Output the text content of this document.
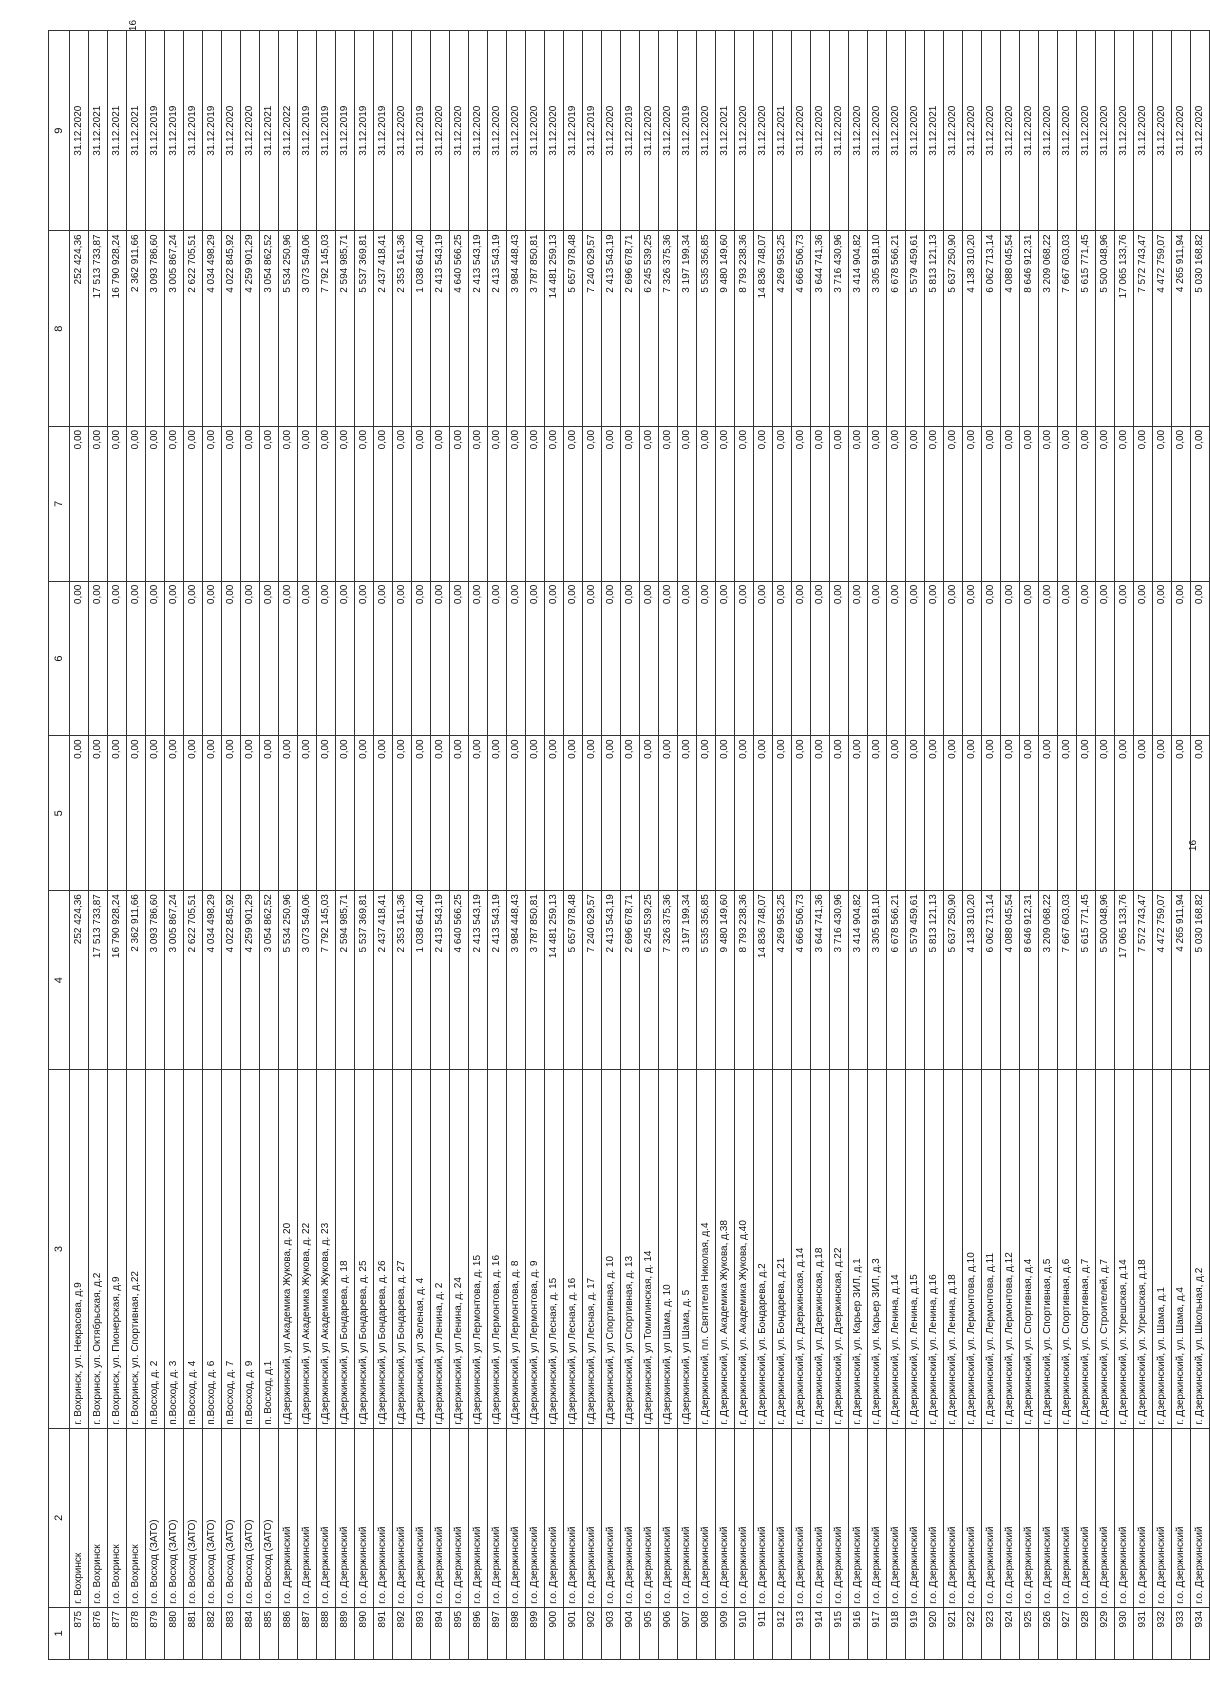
16
16
1	2	3	4	5	6	7	8	9
875	г. Вохринск	г. Вохринск, ул. Некрасова, д.9	252 424,36	0,00	0,00	0,00	252 424,36	31.12.2020
876	г.о. Вохринск	г. Вохринск, ул. Октябрьская, д.2	17 513 733,87	0,00	0,00	0,00	17 513 733,87	31.12.2021
877	г.о. Вохринск	г. Вохринск, ул. Пионерская, д.9	16 790 928,24	0,00	0,00	0,00	16 790 928,24	31.12.2021
878	г.о. Вохринск	г. Вохринск, ул. Спортивная, д.22	2 362 911,66	0,00	0,00	0,00	2 362 911,66	31.12.2021
879	г.о. Восход (ЗАТО)	п.Восход, д. 2	3 093 786,60	0,00	0,00	0,00	3 093 786,60	31.12.2019
880	г.о. Восход (ЗАТО)	п.Восход, д. 3	3 005 867,24	0,00	0,00	0,00	3 005 867,24	31.12.2019
881	г.о. Восход (ЗАТО)	п.Восход, д. 4	2 622 705,51	0,00	0,00	0,00	2 622 705,51	31.12.2019
882	г.о. Восход (ЗАТО)	п.Восход, д. 6	4 034 498,29	0,00	0,00	0,00	4 034 498,29	31.12.2019
883	г.о. Восход (ЗАТО)	п.Восход, д. 7	4 022 845,92	0,00	0,00	0,00	4 022 845,92	31.12.2020
884	г.о. Восход (ЗАТО)	п.Восход, д. 9	4 259 901,29	0,00	0,00	0,00	4 259 901,29	31.12.2020
885	г.о. Восход (ЗАТО)	п. Восход, д.1	3 054 862,52	0,00	0,00	0,00	3 054 862,52	31.12.2021
886	г.о. Дзержинский	г.Дзержинский, ул Академика Жукова, д. 20	5 534 250,96	0,00	0,00	0,00	5 534 250,96	31.12.2022
887	г.о. Дзержинский	г.Дзержинский, ул Академика Жукова, д. 22	3 073 549,06	0,00	0,00	0,00	3 073 549,06	31.12.2019
888	г.о. Дзержинский	г.Дзержинский, ул Академика Жукова, д. 23	7 792 145,03	0,00	0,00	0,00	7 792 145,03	31.12.2019
889	г.о. Дзержинский	г.Дзержинский, ул Бондарева, д. 18	2 594 985,71	0,00	0,00	0,00	2 594 985,71	31.12.2019
890	г.о. Дзержинский	г.Дзержинский, ул Бондарева, д. 25	5 537 369,81	0,00	0,00	0,00	5 537 369,81	31.12.2019
891	г.о. Дзержинский	г.Дзержинский, ул Бондарева, д. 26	2 437 418,41	0,00	0,00	0,00	2 437 418,41	31.12.2019
892	г.о. Дзержинский	г.Дзержинский, ул Бондарева, д. 27	2 353 161,36	0,00	0,00	0,00	2 353 161,36	31.12.2020
893	г.о. Дзержинский	г.Дзержинский, ул Зеленая, д. 4	1 038 641,40	0,00	0,00	0,00	1 038 641,40	31.12.2019
894	г.о. Дзержинский	г.Дзержинский, ул Ленина, д. 2	2 413 543,19	0,00	0,00	0,00	2 413 543,19	31.12.2020
895	г.о. Дзержинский	г.Дзержинский, ул Ленина, д. 24	4 640 566,25	0,00	0,00	0,00	4 640 566,25	31.12.2020
896	г.о. Дзержинский	г.Дзержинский, ул Лермонтова, д. 15	2 413 543,19	0,00	0,00	0,00	2 413 543,19	31.12.2020
897	г.о. Дзержинский	г.Дзержинский, ул Лермонтова, д. 16	2 413 543,19	0,00	0,00	0,00	2 413 543,19	31.12.2020
898	г.о. Дзержинский	г.Дзержинский, ул Лермонтова, д. 8	3 984 448,43	0,00	0,00	0,00	3 984 448,43	31.12.2020
899	г.о. Дзержинский	г.Дзержинский, ул Лермонтова, д. 9	3 787 850,81	0,00	0,00	0,00	3 787 850,81	31.12.2020
900	г.о. Дзержинский	г.Дзержинский, ул Лесная, д. 15	14 481 259,13	0,00	0,00	0,00	14 481 259,13	31.12.2020
901	г.о. Дзержинский	г.Дзержинский, ул Лесная, д. 16	5 657 978,48	0,00	0,00	0,00	5 657 978,48	31.12.2019
902	г.о. Дзержинский	г.Дзержинский, ул Лесная, д. 17	7 240 629,57	0,00	0,00	0,00	7 240 629,57	31.12.2019
903	г.о. Дзержинский	г.Дзержинский, ул Спортивная, д. 10	2 413 543,19	0,00	0,00	0,00	2 413 543,19	31.12.2020
904	г.о. Дзержинский	г.Дзержинский, ул Спортивная, д. 13	2 696 678,71	0,00	0,00	0,00	2 696 678,71	31.12.2019
905	г.о. Дзержинский	г.Дзержинский, ул Томилинская, д. 14	6 245 539,25	0,00	0,00	0,00	6 245 539,25	31.12.2020
906	г.о. Дзержинский	г.Дзержинский, ул Шама, д. 10	7 326 375,36	0,00	0,00	0,00	7 326 375,36	31.12.2020
907	г.о. Дзержинский	г.Дзержинский, ул Шама, д. 5	3 197 199,34	0,00	0,00	0,00	3 197 199,34	31.12.2019
908	г.о. Дзержинский	г. Дзержинский, пл. Святителя Николая, д.4	5 535 356,85	0,00	0,00	0,00	5 535 356,85	31.12.2020
909	г.о. Дзержинский	г. Дзержинский, ул. Академика Жукова, д.38	9 480 149,60	0,00	0,00	0,00	9 480 149,60	31.12.2021
910	г.о. Дзержинский	г. Дзержинский, ул. Академика Жукова, д.40	8 793 238,36	0,00	0,00	0,00	8 793 238,36	31.12.2020
911	г.о. Дзержинский	г. Дзержинский, ул. Бондарева, д.2	14 836 748,07	0,00	0,00	0,00	14 836 748,07	31.12.2020
912	г.о. Дзержинский	г. Дзержинский, ул. Бондарева, д.21	4 269 953,25	0,00	0,00	0,00	4 269 953,25	31.12.2021
913	г.о. Дзержинский	г. Дзержинский, ул. Дзержинская, д.14	4 666 506,73	0,00	0,00	0,00	4 666 506,73	31.12.2020
914	г.о. Дзержинский	г. Дзержинский, ул. Дзержинская, д.18	3 644 741,36	0,00	0,00	0,00	3 644 741,36	31.12.2020
915	г.о. Дзержинский	г. Дзержинский, ул. Дзержинская, д.22	3 716 430,96	0,00	0,00	0,00	3 716 430,96	31.12.2020
916	г.о. Дзержинский	г. Дзержинский, ул. Карьер ЗИЛ, д.1	3 414 904,82	0,00	0,00	0,00	3 414 904,82	31.12.2020
917	г.о. Дзержинский	г. Дзержинский, ул. Карьер ЗИЛ, д.3	3 305 918,10	0,00	0,00	0,00	3 305 918,10	31.12.2020
918	г.о. Дзержинский	г. Дзержинский, ул. Ленина, д.14	6 678 566,21	0,00	0,00	0,00	6 678 566,21	31.12.2020
919	г.о. Дзержинский	г. Дзержинский, ул. Ленина, д.15	5 579 459,61	0,00	0,00	0,00	5 579 459,61	31.12.2020
920	г.о. Дзержинский	г. Дзержинский, ул. Ленина, д.16	5 813 121,13	0,00	0,00	0,00	5 813 121,13	31.12.2021
921	г.о. Дзержинский	г. Дзержинский, ул. Ленина, д.18	5 637 250,90	0,00	0,00	0,00	5 637 250,90	31.12.2020
922	г.о. Дзержинский	г. Дзержинский, ул. Лермонтова, д.10	4 138 310,20	0,00	0,00	0,00	4 138 310,20	31.12.2020
923	г.о. Дзержинский	г. Дзержинский, ул. Лермонтова, д.11	6 062 713,14	0,00	0,00	0,00	6 062 713,14	31.12.2020
924	г.о. Дзержинский	г. Дзержинский, ул. Лермонтова, д.12	4 088 045,54	0,00	0,00	0,00	4 088 045,54	31.12.2020
925	г.о. Дзержинский	г. Дзержинский, ул. Спортивная, д.4	8 646 912,31	0,00	0,00	0,00	8 646 912,31	31.12.2020
926	г.о. Дзержинский	г. Дзержинский, ул. Спортивная, д.5	3 209 068,22	0,00	0,00	0,00	3 209 068,22	31.12.2020
927	г.о. Дзержинский	г. Дзержинский, ул. Спортивная, д.6	7 667 603,03	0,00	0,00	0,00	7 667 603,03	31.12.2020
928	г.о. Дзержинский	г. Дзержинский, ул. Спортивная, д.7	5 615 771,45	0,00	0,00	0,00	5 615 771,45	31.12.2020
929	г.о. Дзержинский	г. Дзержинский, ул. Строителей, д.7	5 500 048,96	0,00	0,00	0,00	5 500 048,96	31.12.2020
930	г.о. Дзержинский	г. Дзержинский, ул. Угрешская, д.14	17 065 133,76	0,00	0,00	0,00	17 065 133,76	31.12.2020
931	г.о. Дзержинский	г. Дзержинский, ул. Угрешская, д.18	7 572 743,47	0,00	0,00	0,00	7 572 743,47	31.12.2020
932	г.о. Дзержинский	г. Дзержинский, ул. Шама, д.1	4 472 759,07	0,00	0,00	0,00	4 472 759,07	31.12.2020
933	г.о. Дзержинский	г. Дзержинский, ул. Шама, д.4	4 265 911,94	0,00	0,00	0,00	4 265 911,94	31.12.2020
934	г.о. Дзержинский	г. Дзержинский, ул. Школьная, д.2	5 030 168,82	0,00	0,00	0,00	5 030 168,82	31.12.2020
